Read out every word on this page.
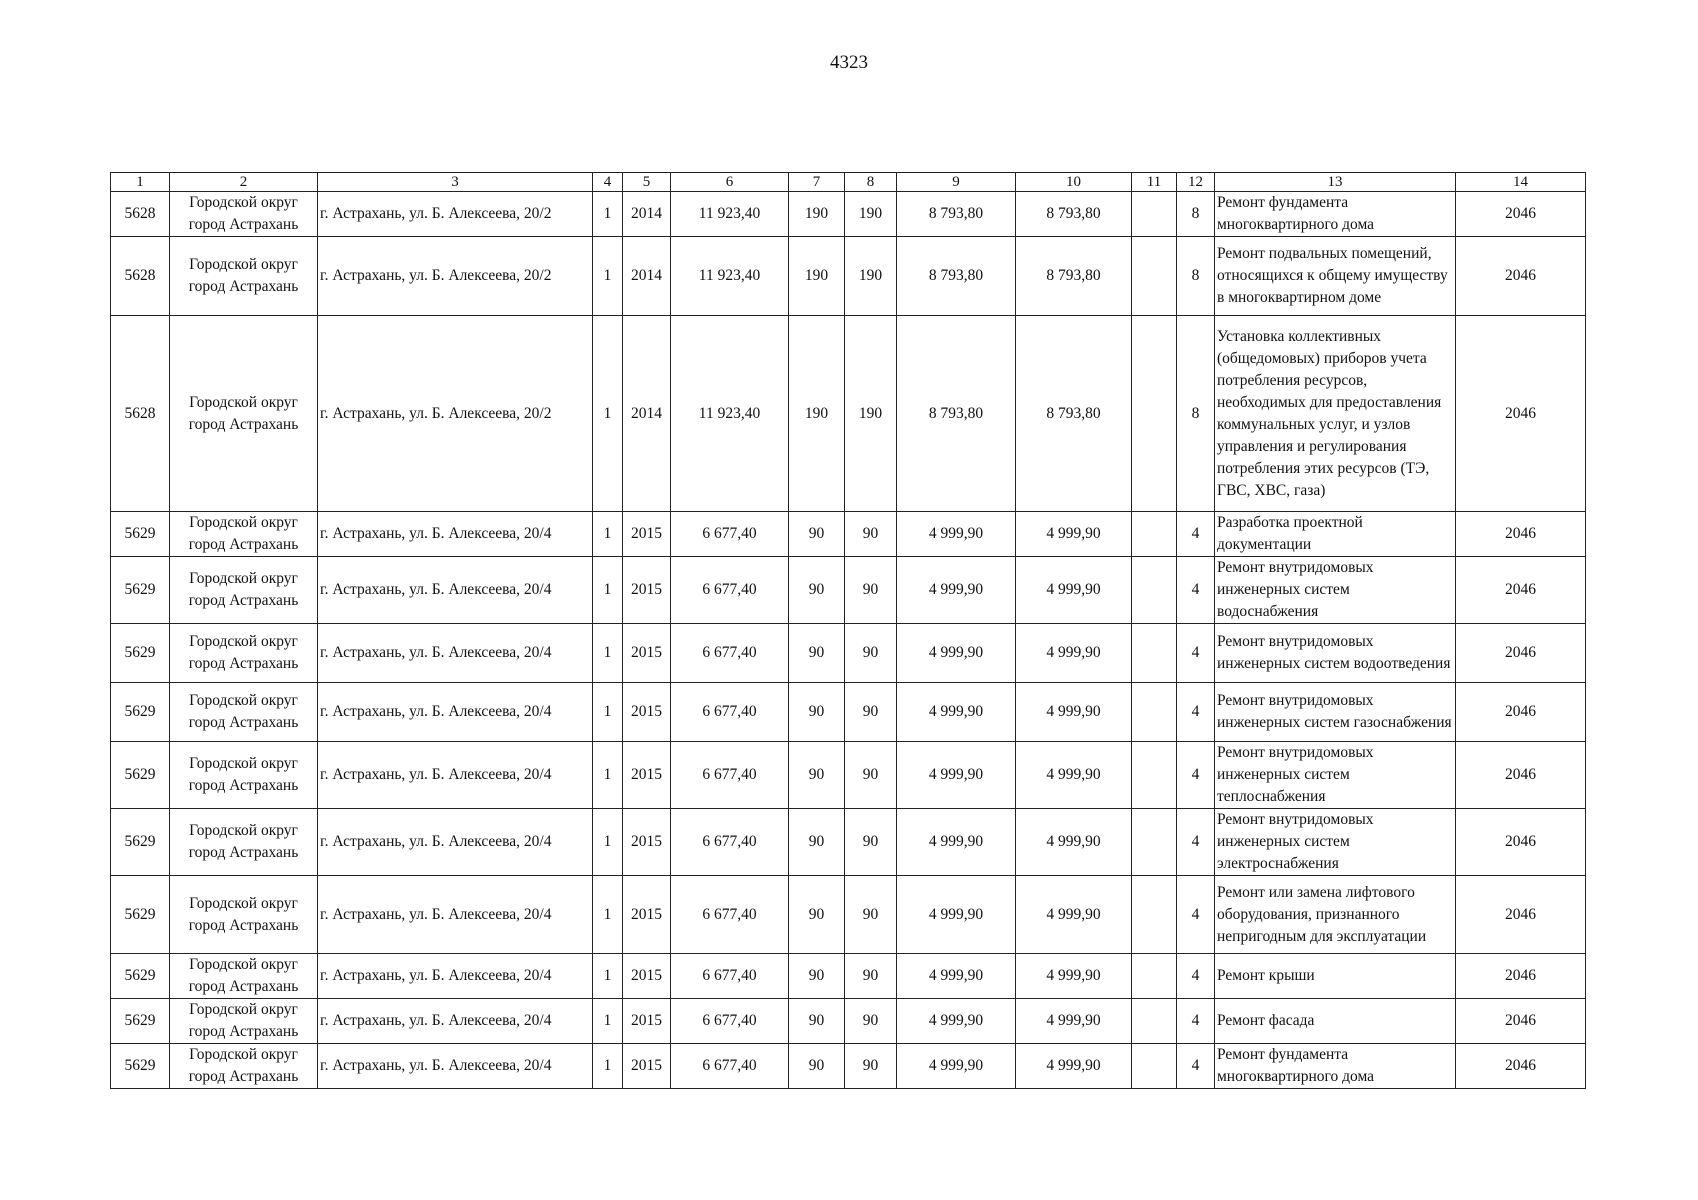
4323
1	2	3	4	5	6	7	8	9	10	11	12	13	14
5628	Городской округ город Астрахань	г. Астрахань, ул. Б. Алексеева, 20/2	1	2014	11 923,40	190	190	8 793,80	8 793,80		8	Ремонт фундамента многоквартирного дома	2046
5628	Городской округ город Астрахань	г. Астрахань, ул. Б. Алексеева, 20/2	1	2014	11 923,40	190	190	8 793,80	8 793,80		8	Ремонт подвальных помещений, относящихся к общему имуществу в многоквартирном доме	2046
5628	Городской округ город Астрахань	г. Астрахань, ул. Б. Алексеева, 20/2	1	2014	11 923,40	190	190	8 793,80	8 793,80		8	Установка коллективных (общедомовых) приборов учета потребления ресурсов, необходимых для предоставления коммунальных услуг, и узлов управления и регулирования потребления этих ресурсов (ТЭ, ГВС, ХВС, газа)	2046
5629	Городской округ город Астрахань	г. Астрахань, ул. Б. Алексеева, 20/4	1	2015	6 677,40	90	90	4 999,90	4 999,90		4	Разработка проектной документации	2046
5629	Городской округ город Астрахань	г. Астрахань, ул. Б. Алексеева, 20/4	1	2015	6 677,40	90	90	4 999,90	4 999,90		4	Ремонт внутридомовых инженерных систем водоснабжения	2046
5629	Городской округ город Астрахань	г. Астрахань, ул. Б. Алексеева, 20/4	1	2015	6 677,40	90	90	4 999,90	4 999,90		4	Ремонт внутридомовых инженерных систем водоотведения	2046
5629	Городской округ город Астрахань	г. Астрахань, ул. Б. Алексеева, 20/4	1	2015	6 677,40	90	90	4 999,90	4 999,90		4	Ремонт внутридомовых инженерных систем газоснабжения	2046
5629	Городской округ город Астрахань	г. Астрахань, ул. Б. Алексеева, 20/4	1	2015	6 677,40	90	90	4 999,90	4 999,90		4	Ремонт внутридомовых инженерных систем теплоснабжения	2046
5629	Городской округ город Астрахань	г. Астрахань, ул. Б. Алексеева, 20/4	1	2015	6 677,40	90	90	4 999,90	4 999,90		4	Ремонт внутридомовых инженерных систем электроснабжения	2046
5629	Городской округ город Астрахань	г. Астрахань, ул. Б. Алексеева, 20/4	1	2015	6 677,40	90	90	4 999,90	4 999,90		4	Ремонт или замена лифтового оборудования, признанного непригодным для эксплуатации	2046
5629	Городской округ город Астрахань	г. Астрахань, ул. Б. Алексеева, 20/4	1	2015	6 677,40	90	90	4 999,90	4 999,90		4	Ремонт крыши	2046
5629	Городской округ город Астрахань	г. Астрахань, ул. Б. Алексеева, 20/4	1	2015	6 677,40	90	90	4 999,90	4 999,90		4	Ремонт фасада	2046
5629	Городской округ город Астрахань	г. Астрахань, ул. Б. Алексеева, 20/4	1	2015	6 677,40	90	90	4 999,90	4 999,90		4	Ремонт фундамента многоквартирного дома	2046
